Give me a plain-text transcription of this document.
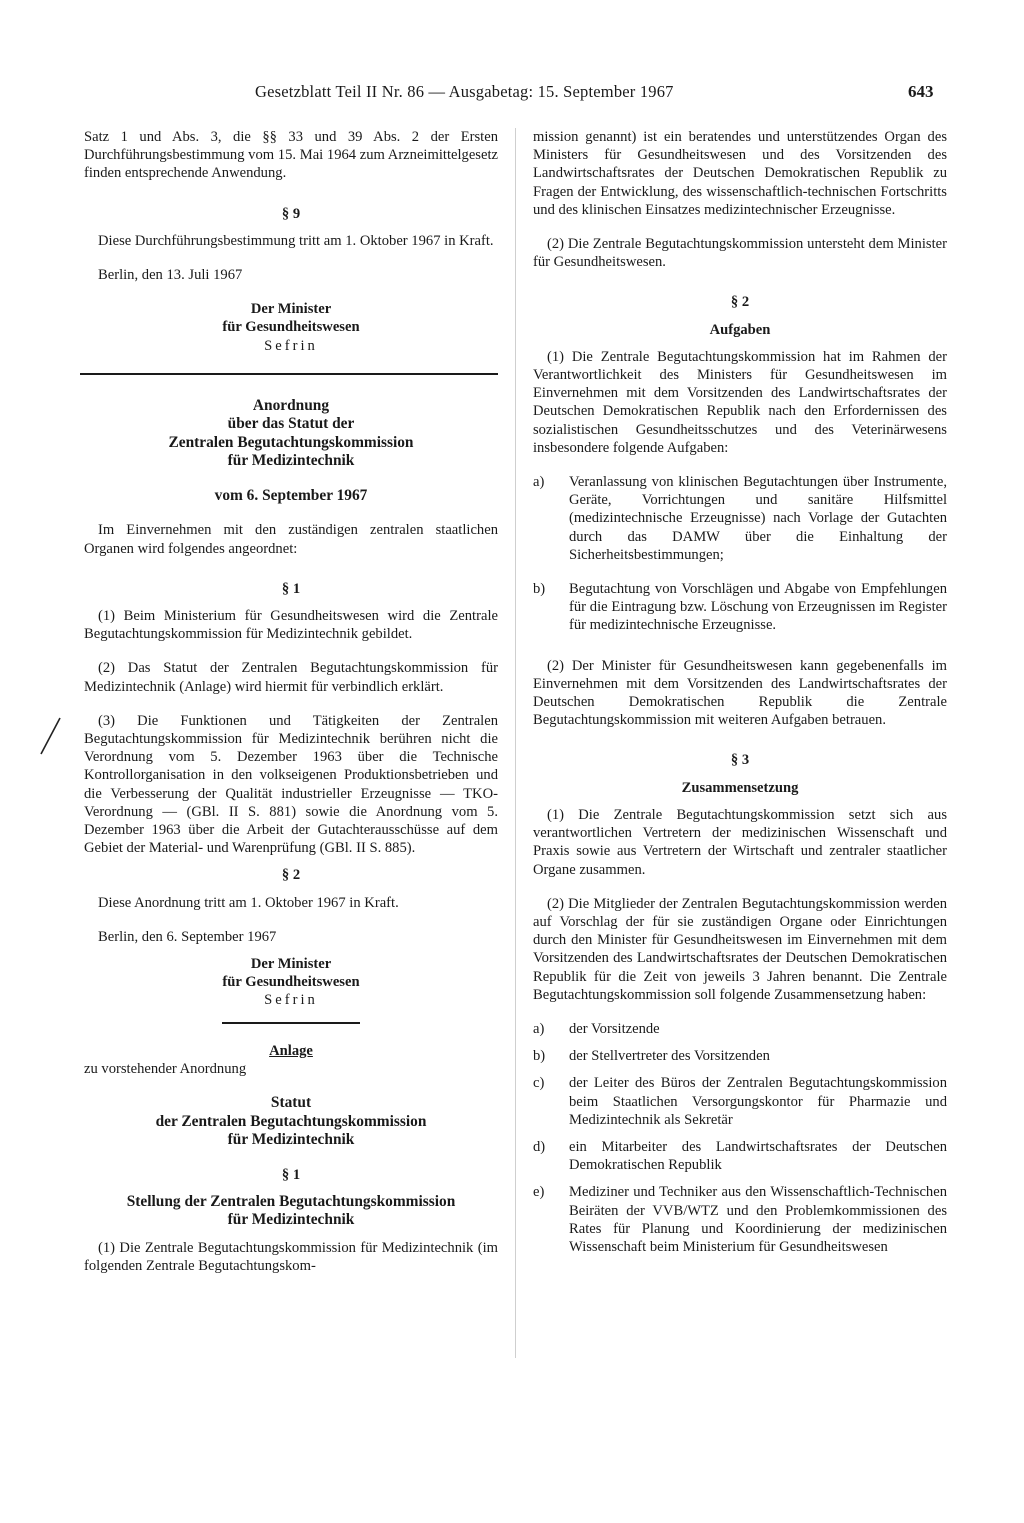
Gesetzblatt Teil II Nr. 86 — Ausgabetag: 15. September 1967	643

Satz 1 und Abs. 3, die §§ 33 und 39 Abs. 2 der Ersten Durchführungsbestimmung vom 15. Mai 1964 zum Arzneimittelgesetz finden entsprechende Anwendung.

§ 9

Diese Durchführungsbestimmung tritt am 1. Oktober 1967 in Kraft.

Berlin, den 13. Juli 1967

Der Minister

für Gesundheitswesen

Sefrin

Anordnung

über das Statut der

Zentralen Begutachtungskommission

für Medizintechnik

vom 6. September 1967

Im Einvernehmen mit den zuständigen zentralen staatlichen Organen wird folgendes angeordnet:

§ 1

(1) Beim Ministerium für Gesundheitswesen wird die Zentrale Begutachtungskommission für Medizintechnik gebildet.

(2) Das Statut der Zentralen Begutachtungskommission für Medizintechnik (Anlage) wird hiermit für verbindlich erklärt.

(3) Die Funktionen und Tätigkeiten der Zentralen Begutachtungskommission für Medizintechnik berühren nicht die Verordnung vom 5. Dezember 1963 über die Technische Kontrollorganisation in den volkseigenen Produktionsbetrieben und die Verbesserung der Qualität industrieller Erzeugnisse — TKO-Verordnung — (GBl. II S. 881) sowie die Anordnung vom 5. Dezember 1963 über die Arbeit der Gutachterausschüsse auf dem Gebiet der Material- und Warenprüfung (GBl. II S. 885).

§ 2

Diese Anordnung tritt am 1. Oktober 1967 in Kraft.

Berlin, den 6. September 1967

Der Minister

für Gesundheitswesen

Sefrin

Anlage

zu vorstehender Anordnung

Statut

der Zentralen Begutachtungskommission

für Medizintechnik

§ 1

Stellung der Zentralen Begutachtungskommission

für Medizintechnik

(1) Die Zentrale Begutachtungskommission für Medizintechnik (im folgenden Zentrale Begutachtungskom-

mission genannt) ist ein beratendes und unterstützendes Organ des Ministers für Gesundheitswesen und des Vorsitzenden des Landwirtschaftsrates der Deutschen Demokratischen Republik zu Fragen der Entwicklung, des wissenschaftlich-technischen Fortschritts und des klinischen Einsatzes medizintechnischer Erzeugnisse.

(2) Die Zentrale Begutachtungskommission untersteht dem Minister für Gesundheitswesen.

§ 2

Aufgaben

(1) Die Zentrale Begutachtungskommission hat im Rahmen der Verantwortlichkeit des Ministers für Gesundheitswesen im Einvernehmen mit dem Vorsitzenden des Landwirtschaftsrates der Deutschen Demokratischen Republik nach den Erfordernissen des sozialistischen Gesundheitsschutzes und des Veterinärwesens insbesondere folgende Aufgaben:

a) Veranlassung von klinischen Begutachtungen über Instrumente, Geräte, Vorrichtungen und sanitäre Hilfsmittel (medizintechnische Erzeugnisse) nach Vorlage der Gutachten durch das DAMW über die Einhaltung der Sicherheitsbestimmungen;
b) Begutachtung von Vorschlägen und Abgabe von Empfehlungen für die Eintragung bzw. Löschung von Erzeugnissen im Register für medizintechnische Erzeugnisse.

(2) Der Minister für Gesundheitswesen kann gegebenenfalls im Einvernehmen mit dem Vorsitzenden des Landwirtschaftsrates der Deutschen Demokratischen Republik die Zentrale Begutachtungskommission mit weiteren Aufgaben betrauen.

§ 3

Zusammensetzung

(1) Die Zentrale Begutachtungskommission setzt sich aus verantwortlichen Vertretern der medizinischen Wissenschaft und Praxis sowie aus Vertretern der Wirtschaft und zentraler staatlicher Organe zusammen.

(2) Die Mitglieder der Zentralen Begutachtungskommission werden auf Vorschlag der für sie zuständigen Organe oder Einrichtungen durch den Minister für Gesundheitswesen im Einvernehmen mit dem Vorsitzenden des Landwirtschaftsrates der Deutschen Demokratischen Republik für die Zeit von jeweils 3 Jahren benannt. Die Zentrale Begutachtungskommission soll folgende Zusammensetzung haben:

a) der Vorsitzende
b) der Stellvertreter des Vorsitzenden
c) der Leiter des Büros der Zentralen Begutachtungskommission beim Staatlichen Versorgungskontor für Pharmazie und Medizintechnik als Sekretär
d) ein Mitarbeiter des Landwirtschaftsrates der Deutschen Demokratischen Republik
e) Mediziner und Techniker aus den Wissenschaftlich-Technischen Beiräten der VVB/WTZ und den Problemkommissionen des Rates für Planung und Koordinierung der medizinischen Wissenschaft beim Ministerium für Gesundheitswesen
